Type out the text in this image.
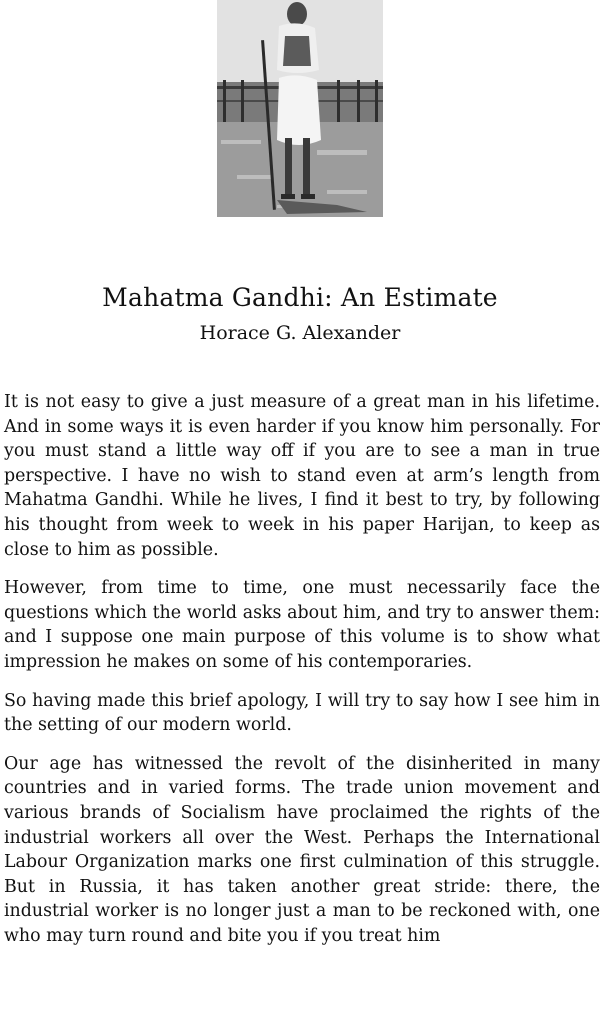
Mahatma Gandhi: An Estimate
Horace G. Alexander

It is not easy to give a just measure of a great man in his lifetime. And in some ways it is even harder if you know him personally. For you must stand a little way off if you are to see a man in true perspective. I have no wish to stand even at arm’s length from Mahatma Gandhi. While he lives, I find it best to try, by following his thought from week to week in his paper Harijan, to keep as close to him as possible.

However, from time to time, one must necessarily face the questions which the world asks about him, and try to answer them: and I suppose one main purpose of this volume is to show what impression he makes on some of his contemporaries.

So having made this brief apology, I will try to say how I see him in the setting of our modern world.

Our age has witnessed the revolt of the disinherited in many countries and in varied forms. The trade union movement and various brands of Socialism have proclaimed the rights of the industrial workers all over the West. Perhaps the International Labour Organization marks one first culmination of this struggle. But in Russia, it has taken another great stride: there, the industrial worker is no longer just a man to be reckoned with, one who may turn round and bite you if you treat him
